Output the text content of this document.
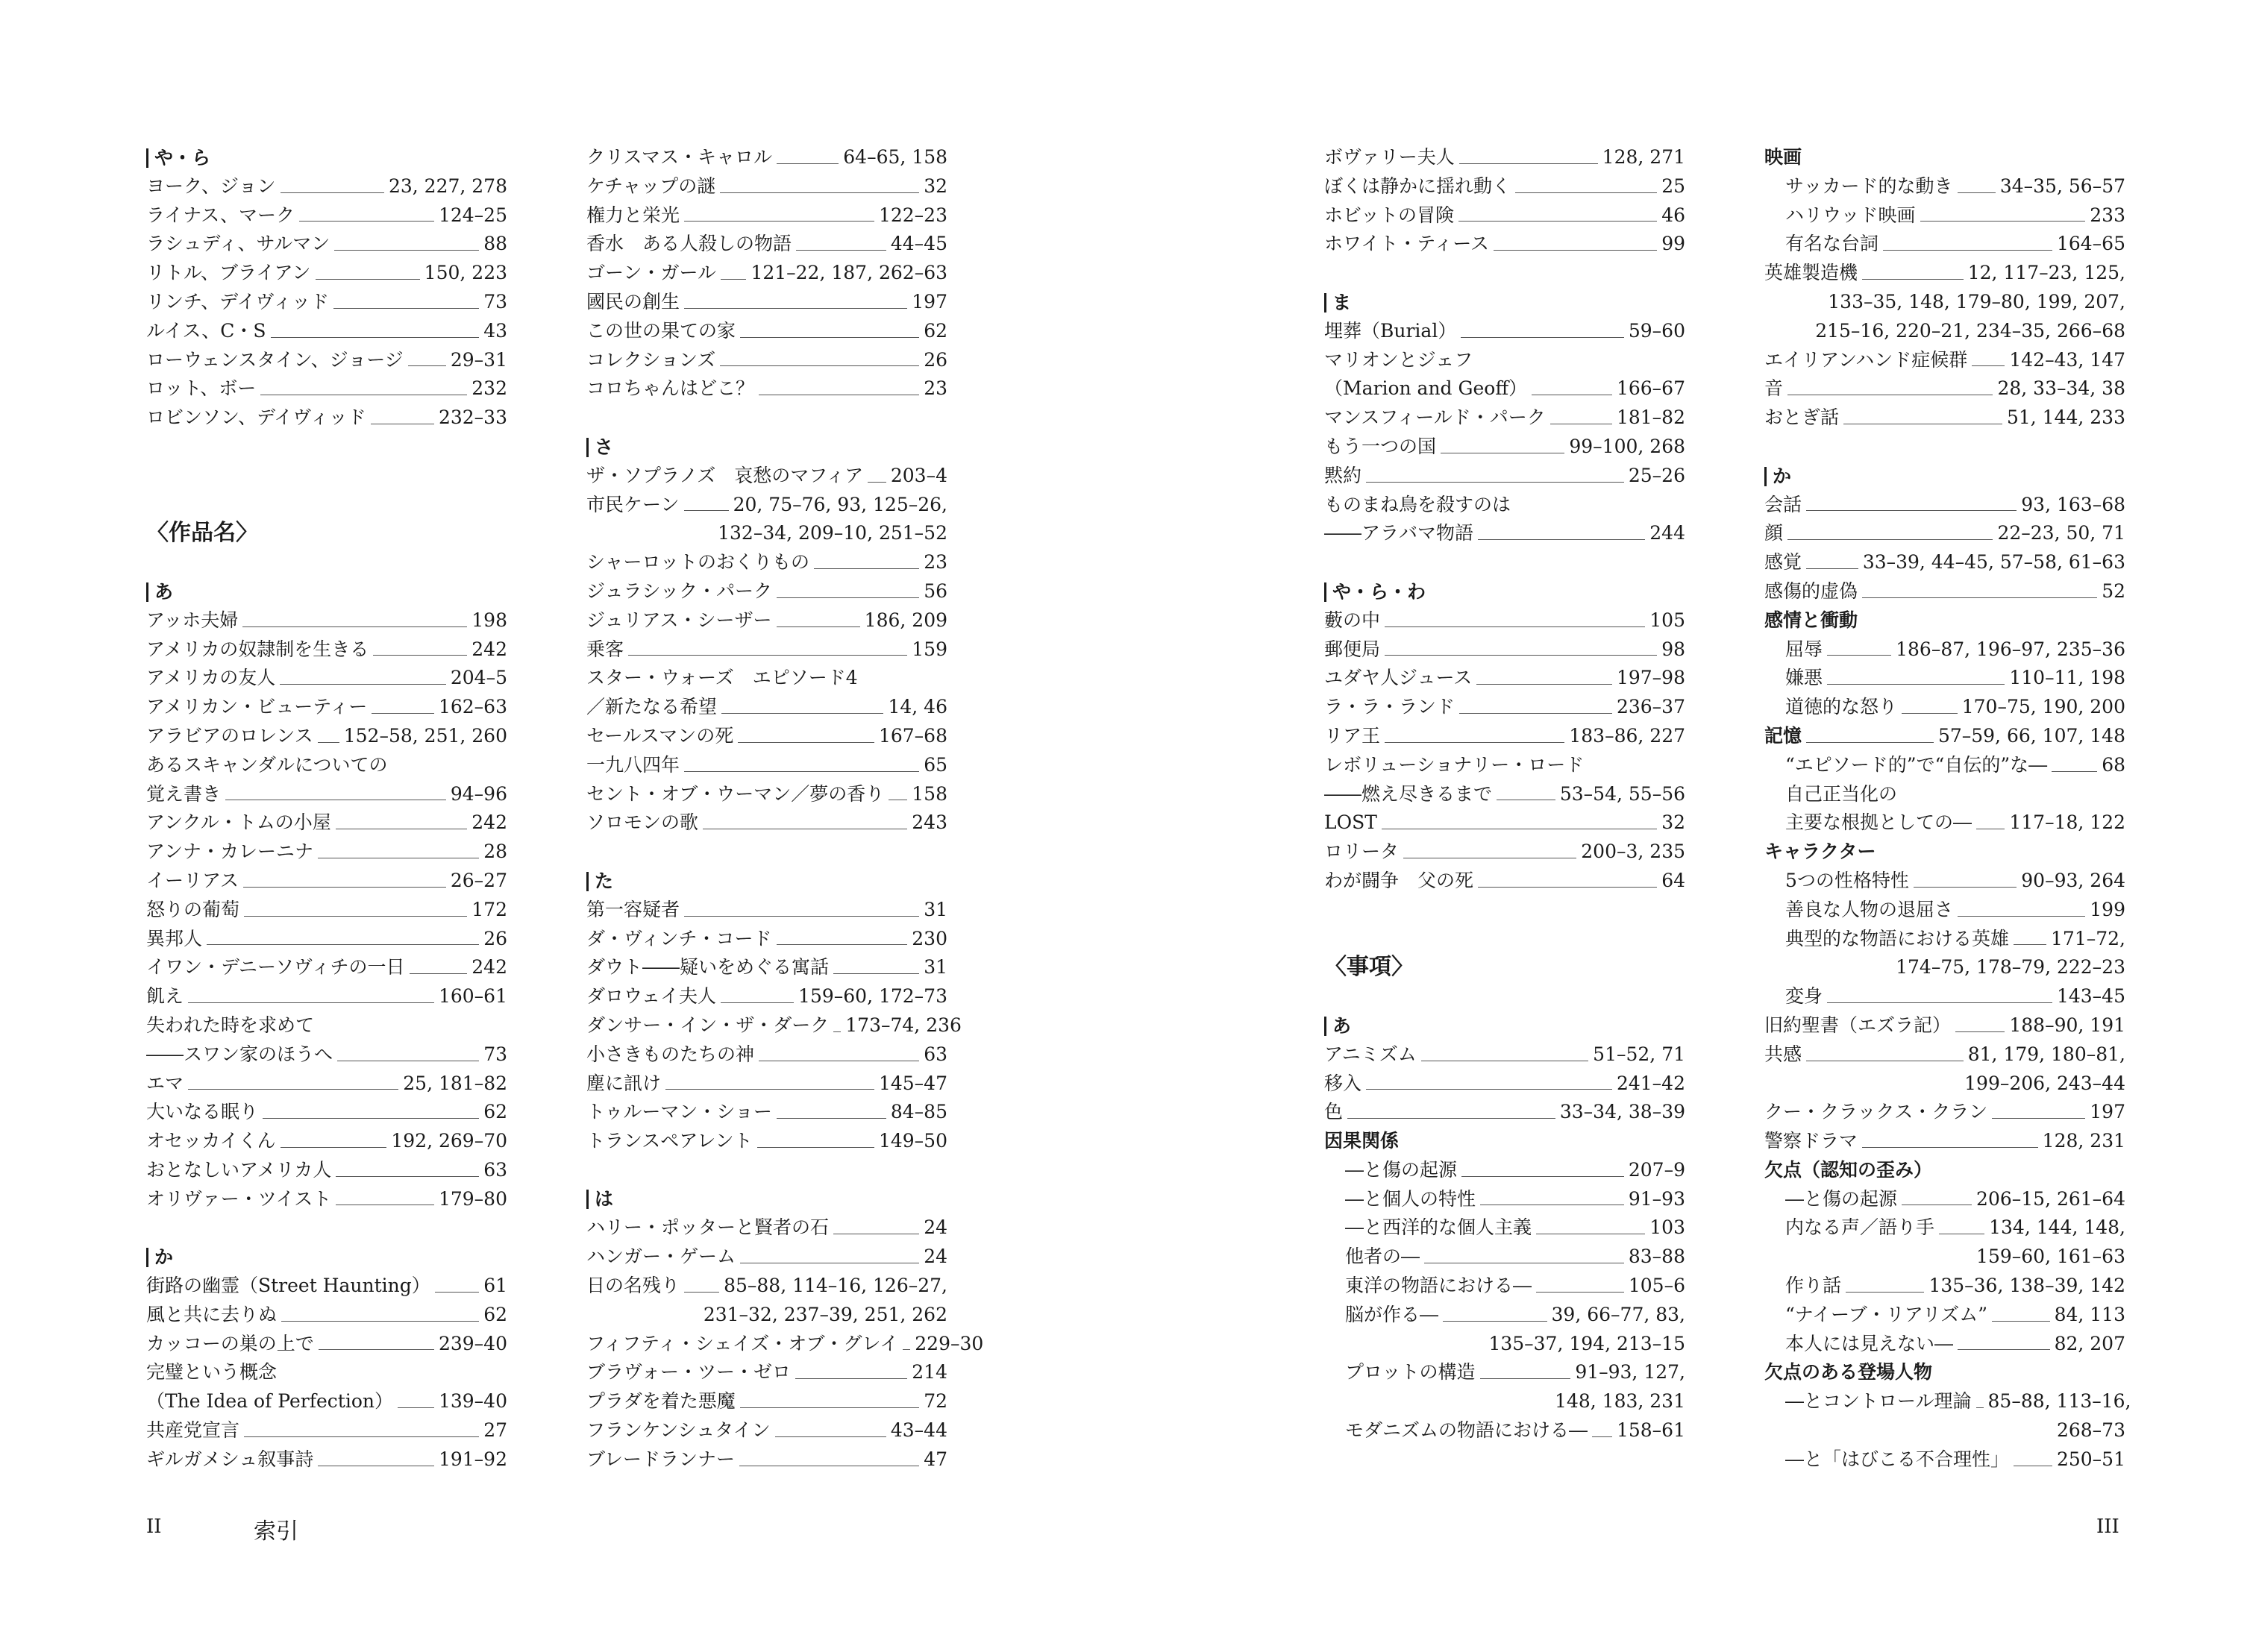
や・ら
ヨーク、ジョン	23, 227, 278
ライナス、マーク	124–25
ラシュディ、サルマン	88
リトル、ブライアン	150, 223
リンチ、デイヴィッド	73
ルイス、C・S	43
ローウェンスタイン、ジョージ	29–31
ロット、ボー	232
ロビンソン、デイヴィッド	232–33
〈作品名〉
あ
アッホ夫婦	198
アメリカの奴隷制を生きる	242
アメリカの友人	204–5
アメリカン・ビューティー	162–63
アラビアのロレンス 152–58, 251, 260
あるスキャンダルについての
覚え書き	94–96
アンクル・トムの小屋	242
アンナ・カレーニナ	28
イーリアス	26–27
怒りの葡萄	172
異邦人	26
イワン・デニーソヴィチの一日	242
飢え	160–61
失われた時を求めて
――スワン家のほうへ	73
エマ	25, 181–82
大いなる眠り	62
オセッカイくん	192, 269–70
おとなしいアメリカ人	63
オリヴァー・ツイスト	179–80
か
街路の幽霊（Street Haunting）	61
風と共に去りぬ	62
カッコーの巣の上で	239–40
完璧という概念
（The Idea of Perfection） 139–40
共産党宣言	27
ギルガメシュ叙事詩	191–92
クリスマス・キャロル	64–65, 158
ケチャップの謎	32
権力と栄光	122–23
香水　ある人殺しの物語	44–45
ゴーン・ガール 121–22, 187, 262–63
國民の創生	197
この世の果ての家	62
コレクションズ	26
コロちゃんはどこ？	23
さ
ザ・ソプラノズ　哀愁のマフィア 203–4
市民ケーン	20, 75–76, 93, 125–26,
132–34, 209–10, 251–52
シャーロットのおくりもの	23
ジュラシック・パーク	56
ジュリアス・シーザー	186, 209
乗客	159
スター・ウォーズ　エピソード4
／新たなる希望	14, 46
セールスマンの死	167–68
一九八四年	65
セント・オブ・ウーマン／夢の香り 158
ソロモンの歌	243
た
第一容疑者	31
ダ・ヴィンチ・コード	230
ダウト――疑いをめぐる寓話	31
ダロウェイ夫人	159–60, 172–73
ダンサー・イン・ザ・ダーク 173–74, 236
小さきものたちの神	63
塵に訊け	145–47
トゥルーマン・ショー	84–85
トランスペアレント	149–50
は
ハリー・ポッターと賢者の石	24
ハンガー・ゲーム	24
日の名残り 85–88, 114–16, 126–27,
231–32, 237–39, 251, 262
フィフティ・シェイズ・オブ・グレイ 229–30
ブラヴォー・ツー・ゼロ	214
プラダを着た悪魔	72
フランケンシュタイン	43–44
ブレードランナー	47
ボヴァリー夫人	128, 271
ぼくは静かに揺れ動く	25
ホビットの冒険	46
ホワイト・ティース	99
ま
埋葬（Burial）	59–60
マリオンとジェフ
（Marion and Geoff）	166–67
マンスフィールド・パーク	181–82
もう一つの国	99–100, 268
黙約	25–26
ものまね鳥を殺すのは
――アラバマ物語	244
や・ら・わ
藪の中	105
郵便局	98
ユダヤ人ジュース	197–98
ラ・ラ・ランド	236–37
リア王	183–86, 227
レボリューショナリー・ロード
――燃え尽きるまで	53–54, 55–56
LOST	32
ロリータ	200–3, 235
わが闘争　父の死	64
〈事項〉
あ
アニミズム	51–52, 71
移入	241–42
色	33–34, 38–39
因果関係
―と傷の起源	207–9
―と個人の特性	91–93
―と西洋的な個人主義	103
他者の―	83–88
東洋の物語における―	105–6
脳が作る―	39, 66–77, 83,
135–37, 194, 213–15
プロットの構造	91–93, 127,
148, 183, 231
モダニズムの物語における― 158–61
映画
サッカード的な動き	34–35, 56–57
ハリウッド映画	233
有名な台詞	164–65
英雄製造機	12, 117–23, 125,
133–35, 148, 179–80, 199, 207,
215–16, 220–21, 234–35, 266–68
エイリアンハンド症候群 142–43, 147
音	28, 33–34, 38
おとぎ話	51, 144, 233
か
会話	93, 163–68
顔	22–23, 50, 71
感覚	33–39, 44–45, 57–58, 61–63
感傷的虚偽	52
感情と衝動
屈辱	186–87, 196–97, 235–36
嫌悪	110–11, 198
道徳的な怒り	170–75, 190, 200
記憶	57–59, 66, 107, 148
“エピソード的”で“自伝的”な―	68
自己正当化の
主要な根拠としての― 117–18, 122
キャラクター
5つの性格特性	90–93, 264
善良な人物の退屈さ	199
典型的な物語における英雄 171–72,
174–75, 178–79, 222–23
変身	143–45
旧約聖書（エズラ記）	188–90, 191
共感	81, 179, 180–81,
199–206, 243–44
クー・クラックス・クラン	197
警察ドラマ	128, 231
欠点（認知の歪み）
―と傷の起源	206–15, 261–64
内なる声／語り手	134, 144, 148,
159–60, 161–63
作り話	135–36, 138–39, 142
“ナイーブ・リアリズム”	84, 113
本人には見えない―	82, 207
欠点のある登場人物
―とコントロール理論 85–88, 113–16,
268–73
―と「はびこる不合理性」	250–51
II	索引	III
